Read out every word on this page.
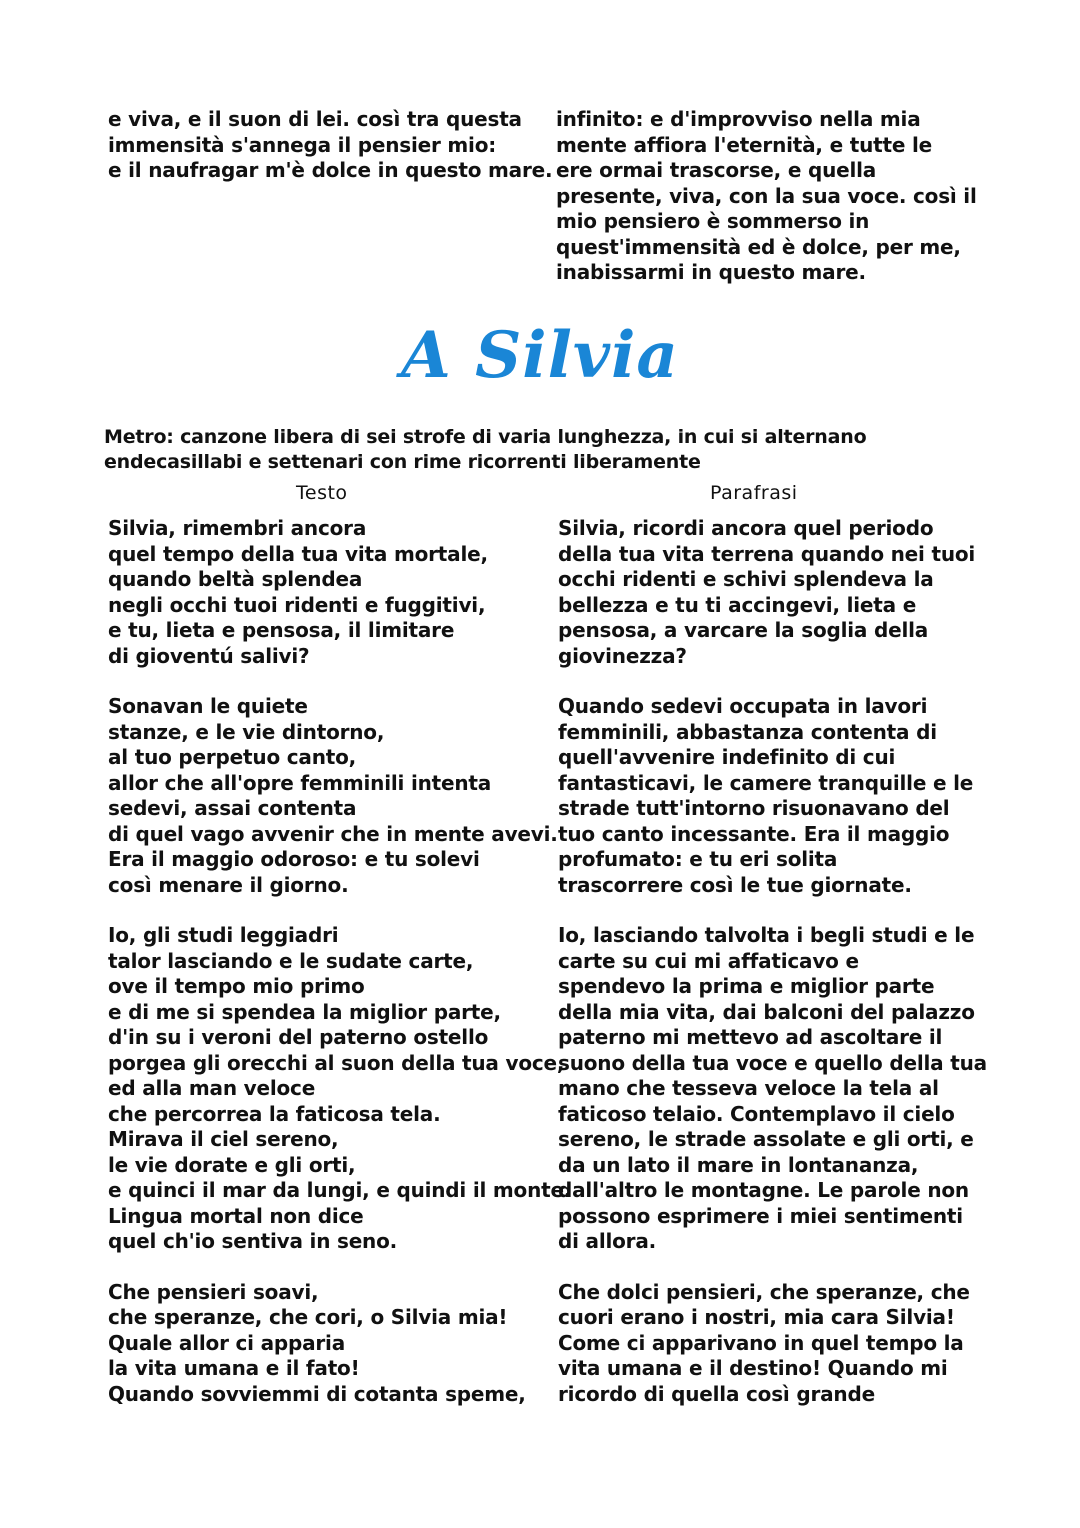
e viva, e il suon di lei. così tra questa
immensità s'annega il pensier mio:
e il naufragar m'è dolce in questo mare.
infinito: e d'improvviso nella mia
mente affiora l'eternità, e tutte le
ere ormai trascorse, e quella
presente, viva, con la sua voce. così il
mio pensiero è sommerso in
quest'immensità ed è dolce, per me,
inabissarmi in questo mare.
A Silvia
Metro: canzone libera di sei strofe di varia lunghezza, in cui si alternano
endecasillabi e settenari con rime ricorrenti liberamente
Testo	Parafrasi
Silvia, rimembri ancora
quel tempo della tua vita mortale,
quando beltà splendea
negli occhi tuoi ridenti e fuggitivi,
e tu, lieta e pensosa, il limitare
di gioventú salivi?
Sonavan le quiete
stanze, e le vie dintorno,
al tuo perpetuo canto,
allor che all'opre femminili intenta
sedevi, assai contenta
di quel vago avvenir che in mente avevi.
Era il maggio odoroso: e tu solevi
così menare il giorno.
Io, gli studi leggiadri
talor lasciando e le sudate carte,
ove il tempo mio primo
e di me si spendea la miglior parte,
d'in su i veroni del paterno ostello
porgea gli orecchi al suon della tua voce,
ed alla man veloce
che percorrea la faticosa tela.
Mirava il ciel sereno,
le vie dorate e gli orti,
e quinci il mar da lungi, e quindi il monte.
Lingua mortal non dice
quel ch'io sentiva in seno.
Che pensieri soavi,
che speranze, che cori, o Silvia mia!
Quale allor ci apparia
la vita umana e il fato!
Quando sovviemmi di cotanta speme,
Silvia, ricordi ancora quel periodo
della tua vita terrena quando nei tuoi
occhi ridenti e schivi splendeva la
bellezza e tu ti accingevi, lieta e
pensosa, a varcare la soglia della
giovinezza?
Quando sedevi occupata in lavori
femminili, abbastanza contenta di
quell'avvenire indefinito di cui
fantasticavi, le camere tranquille e le
strade tutt'intorno risuonavano del
tuo canto incessante. Era il maggio
profumato: e tu eri solita
trascorrere così le tue giornate.
Io, lasciando talvolta i begli studi e le
carte su cui mi affaticavo e
spendevo la prima e miglior parte
della mia vita, dai balconi del palazzo
paterno mi mettevo ad ascoltare il
suono della tua voce e quello della tua
mano che tesseva veloce la tela al
faticoso telaio. Contemplavo il cielo
sereno, le strade assolate e gli orti, e
da un lato il mare in lontananza,
dall'altro le montagne. Le parole non
possono esprimere i miei sentimenti
di allora.
Che dolci pensieri, che speranze, che
cuori erano i nostri, mia cara Silvia!
Come ci apparivano in quel tempo la
vita umana e il destino! Quando mi
ricordo di quella così grande
